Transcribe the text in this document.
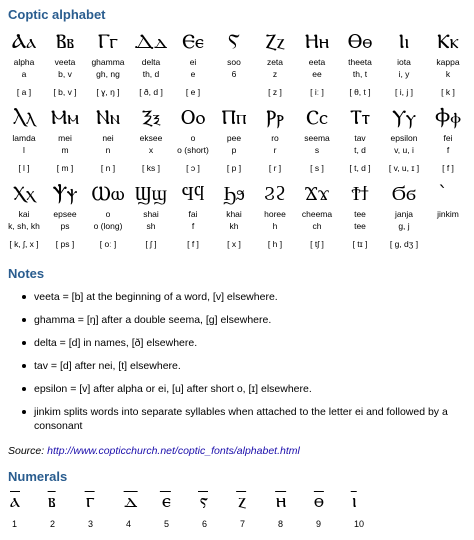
Coptic alphabet
Ⲁⲁ
alpha
a
[ a ]
Ⲃⲃ
veeta
b, v
[ b, v ]
Ⲅⲅ
ghamma
gh, ng
[ ɣ, ŋ ]
Ⲇⲇ
delta
th, d
[ ð, d ]
Ⲉⲉ
ei
e
[ e ]
Ⲋ
soo
6
Ⲍⲍ
zeta
z
[ z ]
Ⲏⲏ
eeta
ee
[ iː ]
Ⲑⲑ
theeta
th, t
[ θ, t ]
Ⲓⲓ
iota
i, y
[ i, j ]
Ⲕⲕ
kappa
k
[ k ]
Ⲗⲗ
lamda
l
[ l ]
Ⲙⲙ
mei
m
[ m ]
Ⲛⲛ
nei
n
[ n ]
Ⲝⲝ
eksee
x
[ ks ]
Ⲟⲟ
o
o (short)
[ ɔ ]
Ⲡⲡ
pee
p
[ p ]
Ⲣⲣ
ro
r
[ r ]
Ⲥⲥ
seema
s
[ s ]
Ⲧⲧ
tav
t, d
[ t, d ]
Ⲩⲩ
epsilon
v, u, i
[ v, u, ɪ ]
Ⲫⲫ
fei
f
[ f ]
Ⲭⲭ
kai
k, sh, kh
[ k, ʃ, x ]
Ⲯⲯ
epsee
ps
[ ps ]
Ⲱⲱ
o
o (long)
[ oː ]
Ϣϣ
shai
sh
[ ʃ ]
Ϥϥ
fai
f
[ f ]
Ϧϧ
khai
kh
[ x ]
Ϩϩ
horee
h
[ h ]
Ϫϫ
cheema
ch
[ tʃ ]
Ϯϯ
tee
tee
[ tɪ ]
Ϭϭ
janja
g, j
[ g, dʒ ]
jinkim
Notes
veeta = [b] at the beginning of a word, [v] elsewhere.
ghamma = [ŋ] after a double seema, [g] elsewhere.
delta = [d] in names, [ð] elsewhere.
tav = [d] after nei, [t] elsewhere.
epsilon = [v] after alpha or ei, [u] after short o, [ɪ] elsewhere.
jinkim splits words into separate syllables when attached to the letter ei and followed by a consonant
Source: http://www.copticchurch.net/coptic_fonts/alphabet.html
Numerals
ⲁ̅
1
ⲃ̅
2
ⲅ̅
3
ⲇ̅
4
ⲉ̅
5
ⲋ̅
6
ⲍ̅
7
ⲏ̅
8
ⲑ̅
9
ⲓ̅
10
